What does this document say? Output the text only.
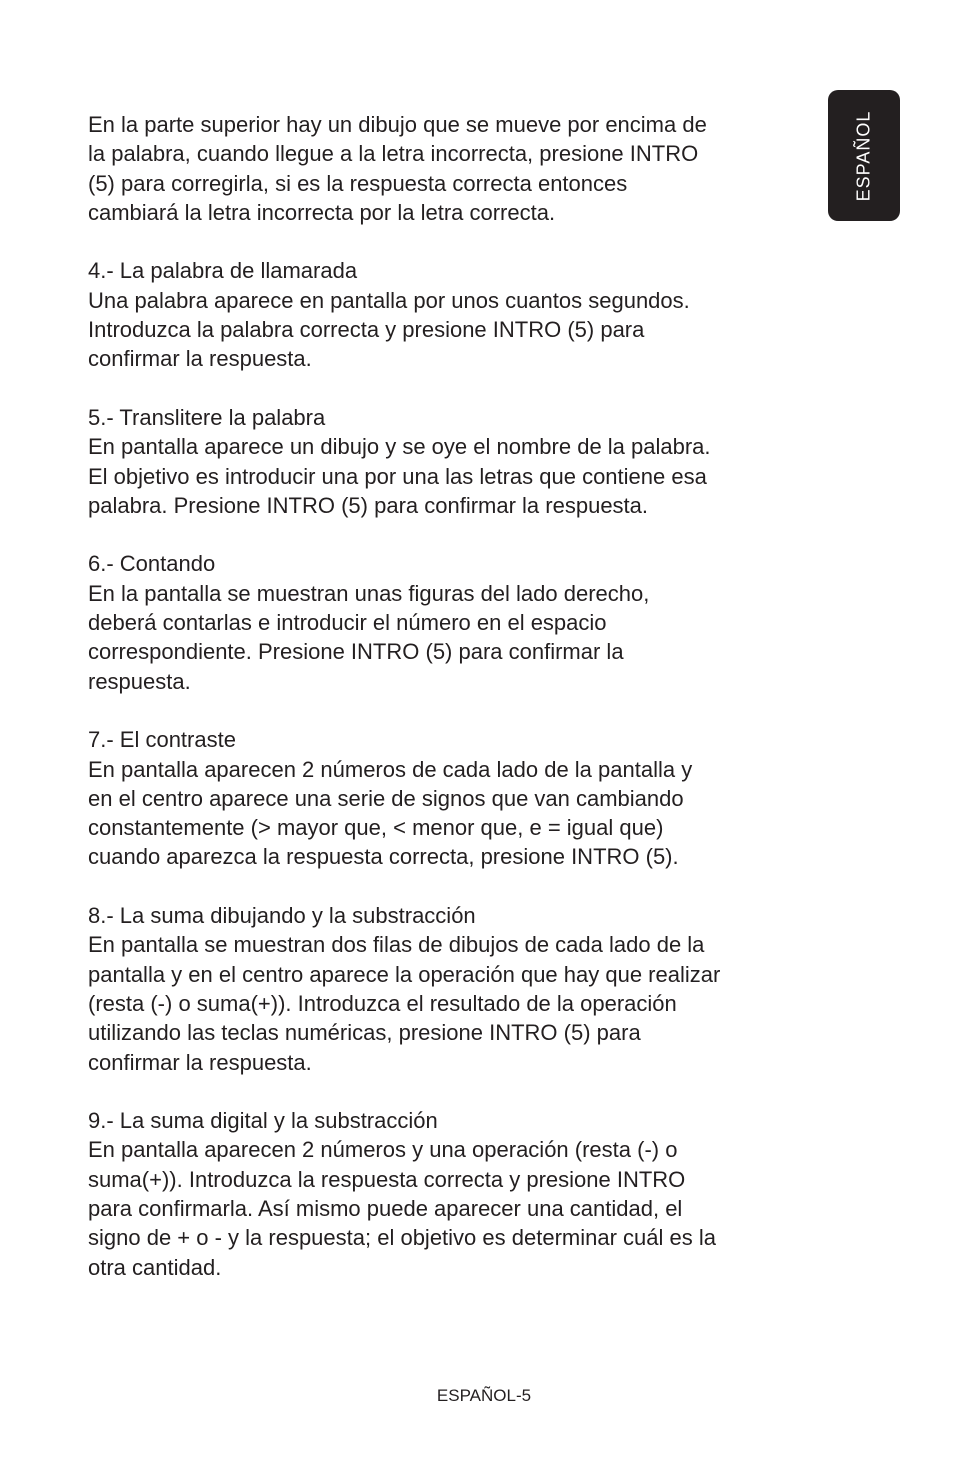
ESPAÑOL

En la parte superior hay un dibujo que se mueve por encima de

la palabra, cuando llegue a la letra incorrecta, presione INTRO

(5) para corregirla, si es la respuesta correcta entonces

cambiará la letra incorrecta por la letra correcta.

4.- La palabra de llamarada

Una palabra aparece en pantalla por unos cuantos segundos.

Introduzca la palabra correcta y presione INTRO (5) para

confirmar la respuesta.

5.- Translitere la palabra

En pantalla aparece un dibujo y se oye el nombre de la palabra.

El objetivo es introducir una por una las letras que contiene esa

palabra. Presione INTRO (5) para confirmar la respuesta.

6.- Contando

En la pantalla se muestran unas figuras del lado derecho,

deberá contarlas e introducir el número en el espacio

correspondiente. Presione INTRO (5) para confirmar la

respuesta.

7.- El contraste

En pantalla aparecen 2 números de cada lado de la pantalla y

en el centro aparece una serie de signos que van cambiando

constantemente (> mayor que, < menor que, e = igual que)

cuando aparezca la respuesta correcta, presione INTRO (5).

8.- La suma dibujando y la substracción

En pantalla se muestran dos filas de dibujos de cada lado de la

pantalla y en el centro aparece la operación que hay que realizar

(resta (-) o suma(+)). Introduzca el resultado de la operación

utilizando las teclas numéricas, presione INTRO (5) para

confirmar la respuesta.

9.- La suma digital y la substracción

En pantalla aparecen 2 números y una operación (resta (-) o

suma(+)). Introduzca la respuesta correcta y presione INTRO

para confirmarla. Así mismo puede aparecer una cantidad, el

signo de + o - y la respuesta; el objetivo es determinar cuál es la

otra cantidad.

ESPAÑOL-5
